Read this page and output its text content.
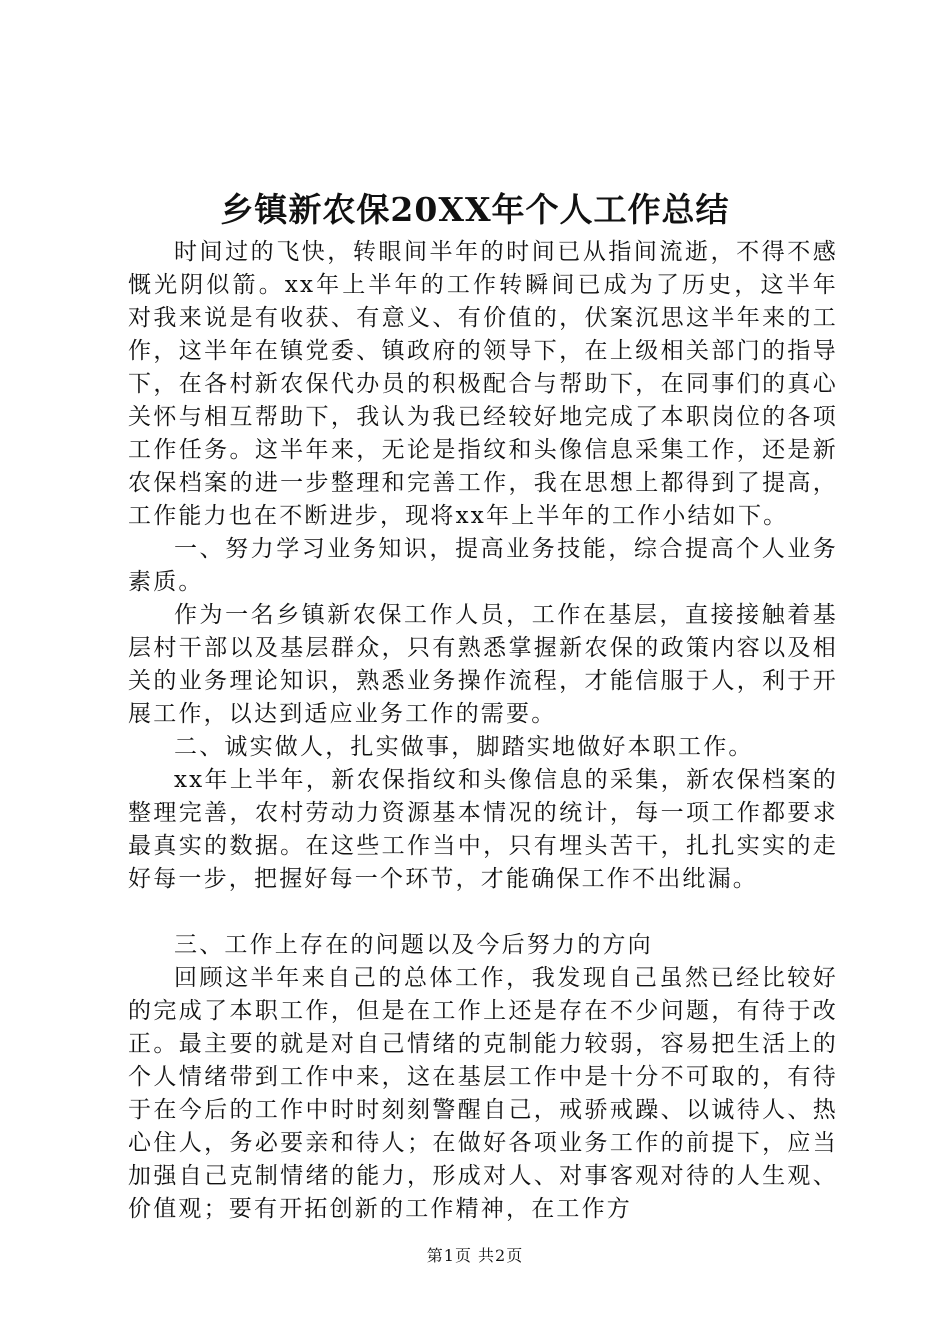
乡镇新农保20XX年个人工作总结

时间过的飞快，转眼间半年的时间已从指间流逝，不得不感慨光阴似箭。xx年上半年的工作转瞬间已成为了历史，这半年对我来说是有收获、有意义、有价值的，伏案沉思这半年来的工作，这半年在镇党委、镇政府的领导下，在上级相关部门的指导下，在各村新农保代办员的积极配合与帮助下，在同事们的真心关怀与相互帮助下，我认为我已经较好地完成了本职岗位的各项工作任务。这半年来，无论是指纹和头像信息采集工作，还是新农保档案的进一步整理和完善工作，我在思想上都得到了提高，工作能力也在不断进步，现将xx年上半年的工作小结如下。

一、努力学习业务知识，提高业务技能，综合提高个人业务素质。

作为一名乡镇新农保工作人员，工作在基层，直接接触着基层村干部以及基层群众，只有熟悉掌握新农保的政策内容以及相关的业务理论知识，熟悉业务操作流程，才能信服于人，利于开展工作，以达到适应业务工作的需要。

二、诚实做人，扎实做事，脚踏实地做好本职工作。

xx年上半年，新农保指纹和头像信息的采集，新农保档案的整理完善，农村劳动力资源基本情况的统计，每一项工作都要求最真实的数据。在这些工作当中，只有埋头苦干，扎扎实实的走好每一步，把握好每一个环节，才能确保工作不出纰漏。

三、工作上存在的问题以及今后努力的方向

回顾这半年来自己的总体工作，我发现自己虽然已经比较好的完成了本职工作，但是在工作上还是存在不少问题，有待于改正。最主要的就是对自己情绪的克制能力较弱，容易把生活上的个人情绪带到工作中来，这在基层工作中是十分不可取的，有待于在今后的工作中时时刻刻警醒自己，戒骄戒躁、以诚待人、热心住人，务必要亲和待人；在做好各项业务工作的前提下，应当加强自己克制情绪的能力，形成对人、对事客观对待的人生观、价值观；要有开拓创新的工作精神，在工作方

第1页 共2页
